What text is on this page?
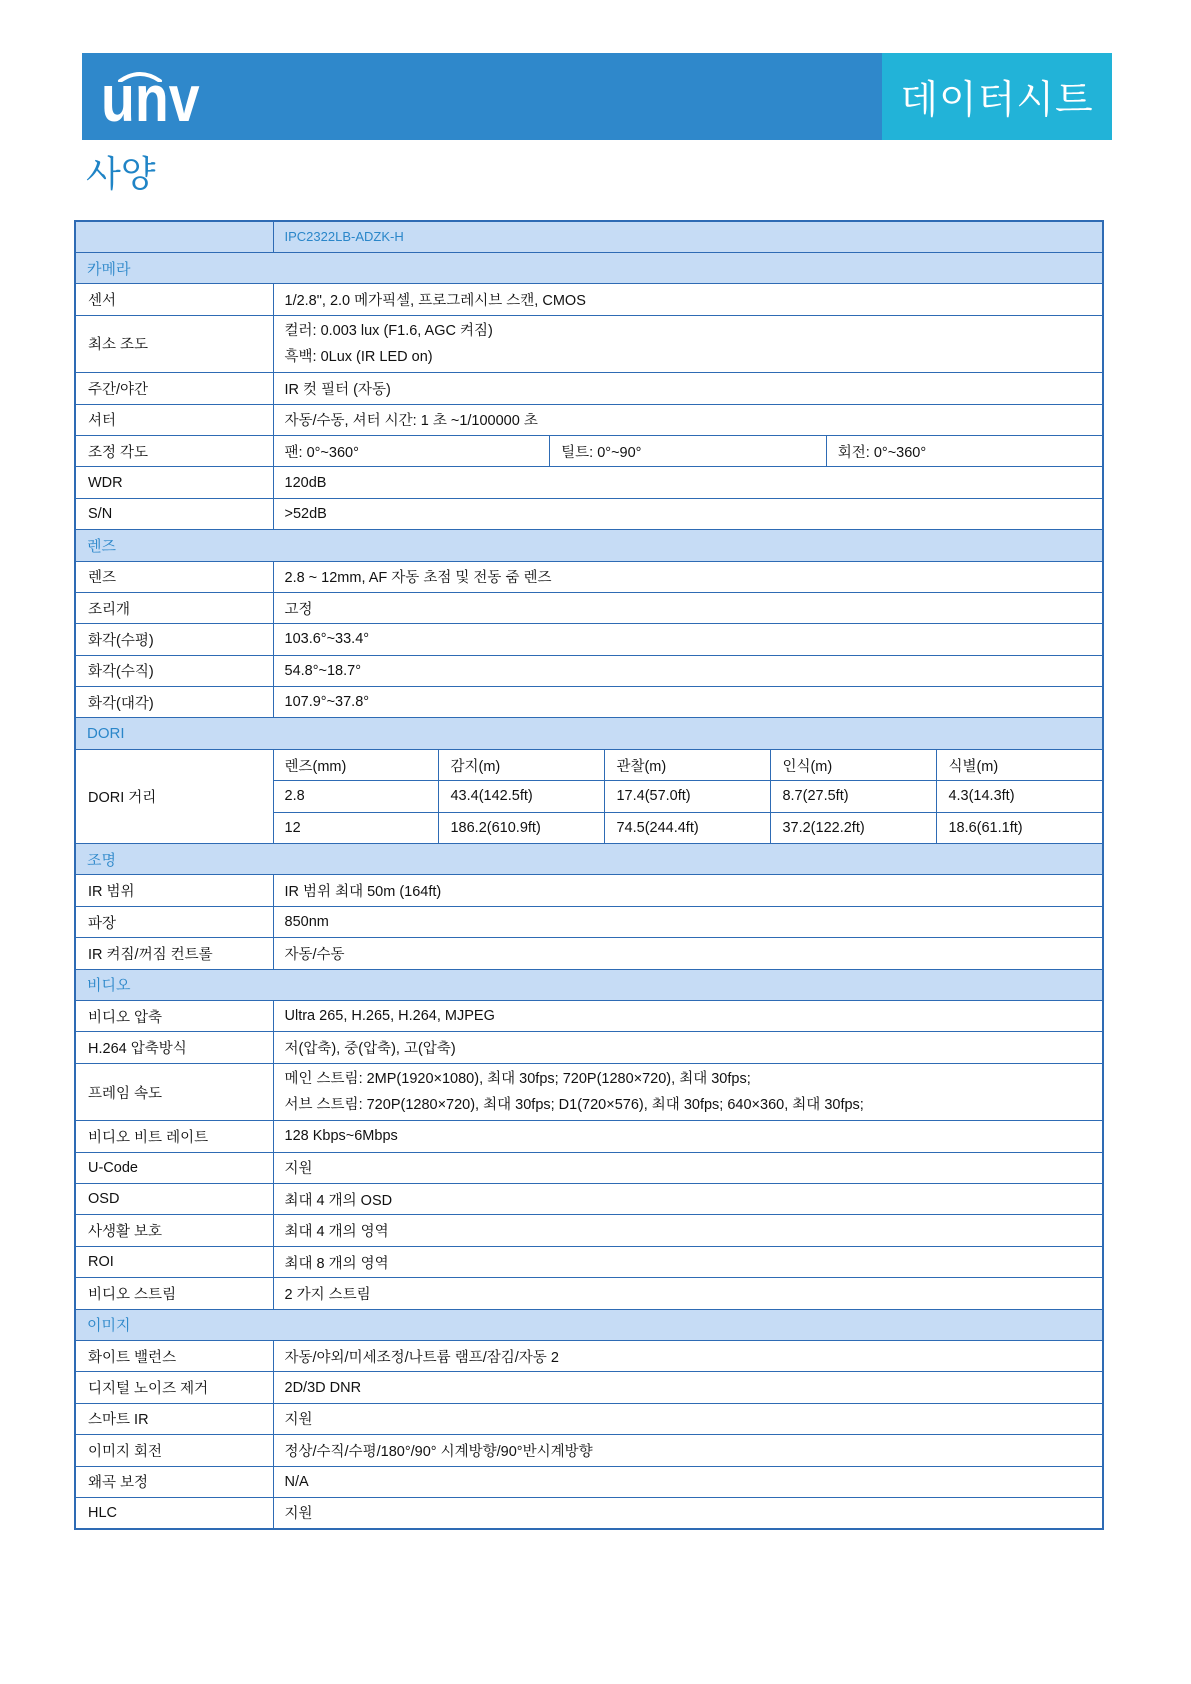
unv	데이터시트
사양
	IPC2322LB-ADZK-H						
카메라							
센서	1/2.8", 2.0 메가픽셀, 프로그레시브 스캔, CMOS						
최소 조도	컬러: 0.003 lux (F1.6, AGC 켜짐)
흑백: 0Lux (IR LED on)						

주간/야간	IR 컷 필터 (자동)						
셔터	자동/수동, 셔터 시간: 1 초 ~1/100000 초						
조정 각도	팬: 0°~360°		틸트: 0°~90°			회전: 0°~360°	
WDR	120dB						
S/N	>52dB						
렌즈							
렌즈	2.8 ~ 12mm, AF 자동 초점 및 전동 줌 렌즈						
조리개	고정						
화각(수평)	103.6°~33.4°						
화각(수직)	54.8°~18.7°						
화각(대각)	107.9°~37.8°						
DORI							
DORI 거리	렌즈(mm)	감지(m)		관찰(m)	인식(m)		식별(m)
	2.8	43.4(142.5ft)		17.4(57.0ft)	8.7(27.5ft)		4.3(14.3ft)
	12	186.2(610.9ft)		74.5(244.4ft)	37.2(122.2ft)		18.6(61.1ft)
조명							
IR 범위	IR 범위 최대 50m (164ft)						
파장	850nm						
IR 켜짐/꺼짐 컨트롤	자동/수동						
비디오							
비디오 압축	Ultra 265, H.265, H.264, MJPEG						
H.264 압축방식	저(압축), 중(압축), 고(압축)						
프레임 속도	메인 스트림: 2MP(1920×1080), 최대 30fps; 720P(1280×720), 최대 30fps;
서브 스트림: 720P(1280×720), 최대 30fps; D1(720×576), 최대 30fps; 640×360, 최대 30fps;						

비디오 비트 레이트	128 Kbps~6Mbps						
U-Code	지원						
OSD	최대 4 개의 OSD						
사생활 보호	최대 4 개의 영역						
ROI	최대 8 개의 영역						
비디오 스트림	2 가지 스트림						
이미지							
화이트 밸런스	자동/야외/미세조정/나트륨 램프/잠김/자동 2						
디지털 노이즈 제거	2D/3D DNR						
스마트 IR	지원						
이미지 회전	정상/수직/수평/180°/90° 시계방향/90°반시계방향						
왜곡 보정	N/A						
HLC	지원						
